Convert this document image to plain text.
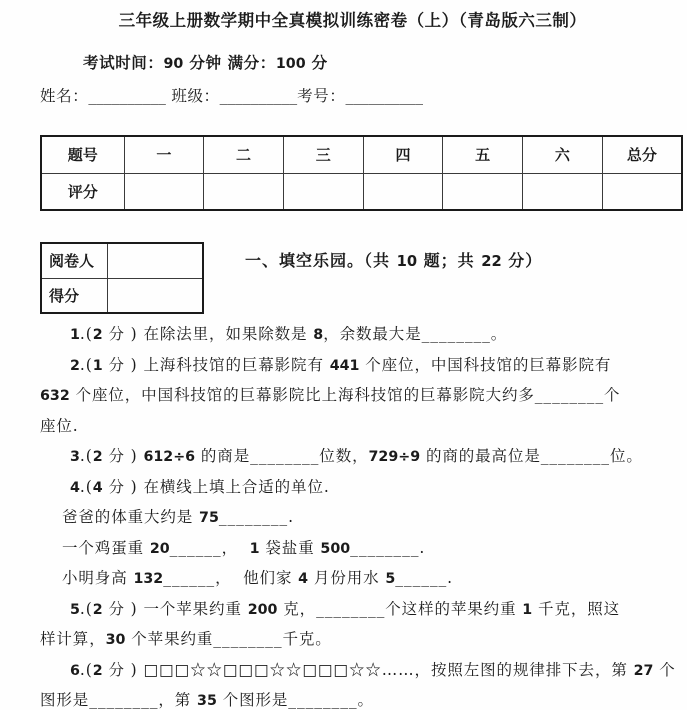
三年级上册数学期中全真模拟训练密卷（上）（青岛版六三制）
考试时间：90 分钟 满分：100 分
姓名：__________ 班级：__________考号：__________
题号	一	二	三	四	五	六	总分
评分							
阅卷人	
得分	
一、填空乐园。（共 10 题；共 22 分）
1.(2 分 ) 在除法里，如果除数是 8，余数最大是________。
2.(1 分 ) 上海科技馆的巨幕影院有 441 个座位，中国科技馆的巨幕影院有
632 个座位，中国科技馆的巨幕影院比上海科技馆的巨幕影院大约多________个
座位.
3.(2 分 ) 612÷6 的商是________位数，729÷9 的商的最高位是________位。
4.(4 分 ) 在横线上填上合适的单位.
爸爸的体重大约是 75________.
一个鸡蛋重 20______，  1 袋盐重 500________.
小明身高 132______，  他们家 4 月份用水 5______.
5.(2 分 ) 一个苹果约重 200 克，________个这样的苹果约重 1 千克，照这
样计算，30 个苹果约重________千克。
6.(2 分 ) □□□☆☆□□□☆☆□□□☆☆……，按照左图的规律排下去，第 27 个
图形是________，第 35 个图形是________。
